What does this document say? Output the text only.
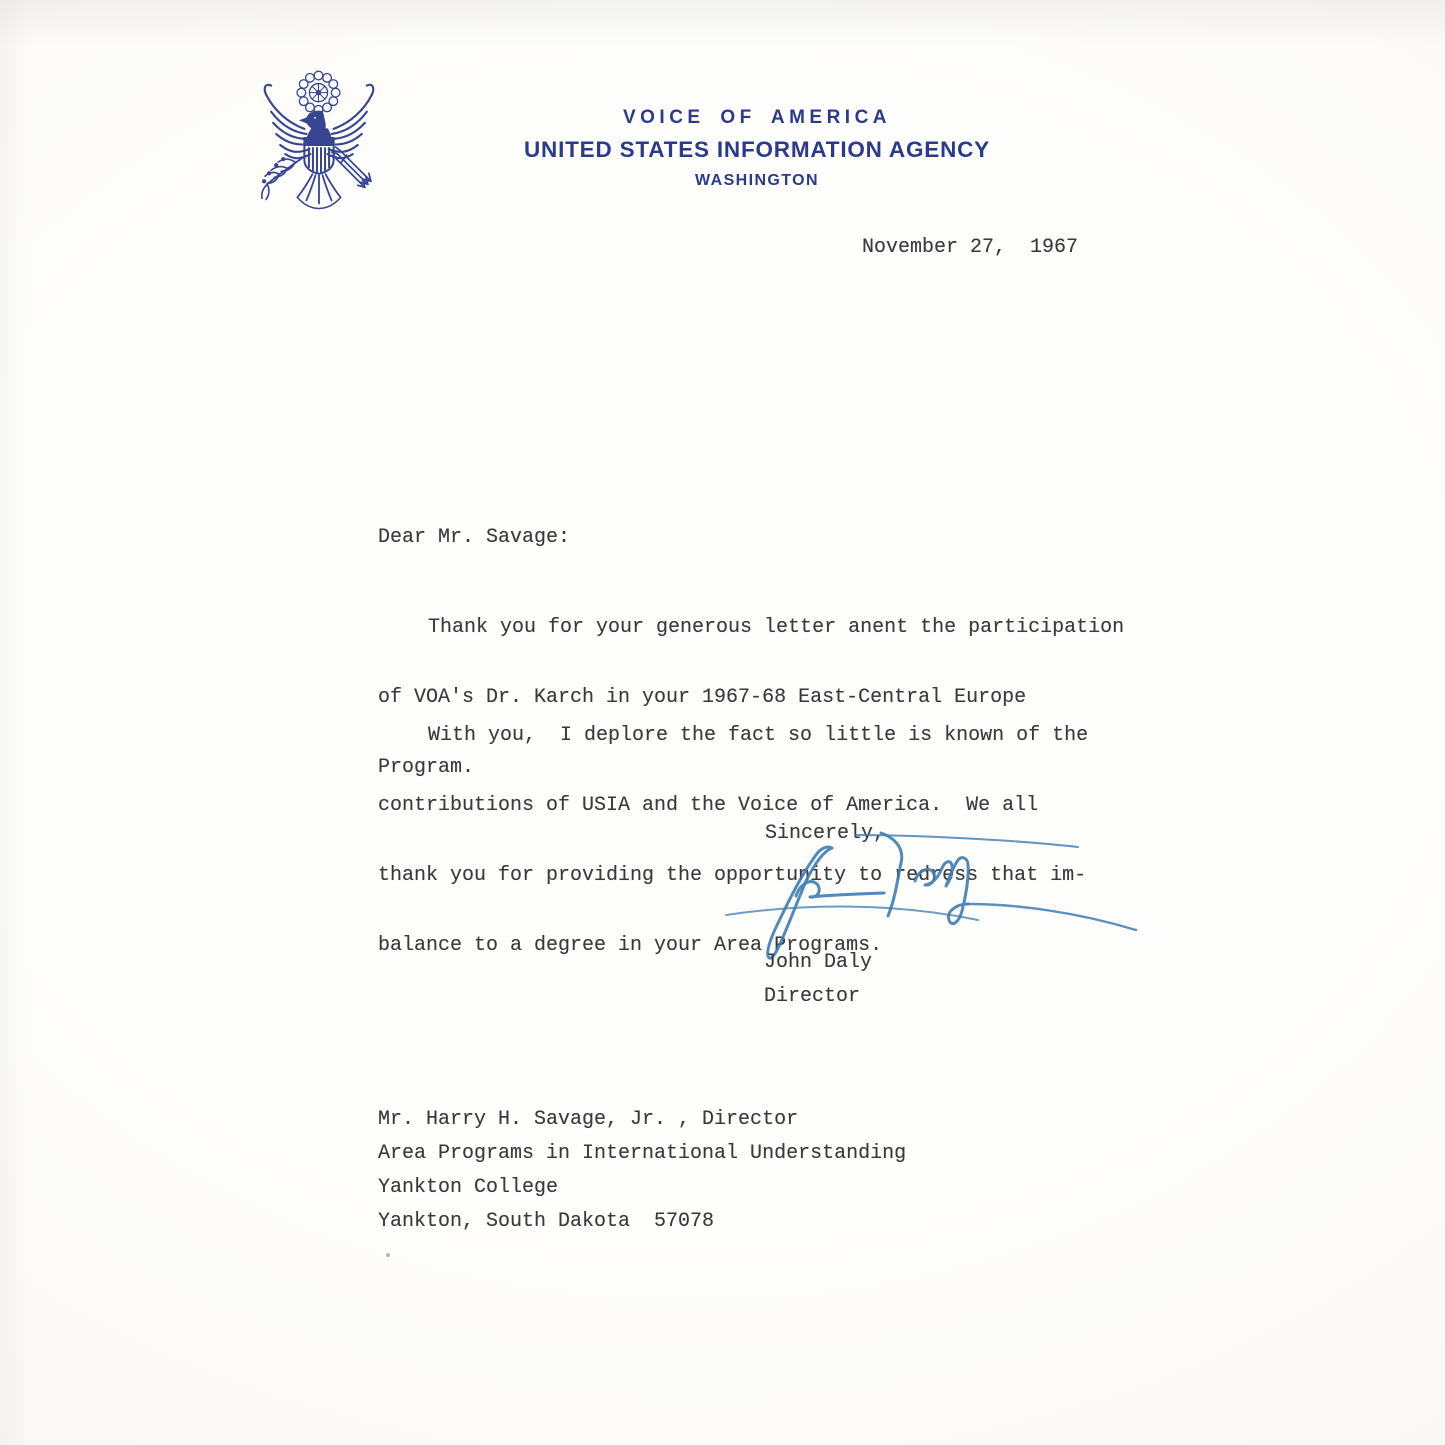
VOICE OF AMERICA
UNITED STATES INFORMATION AGENCY
WASHINGTON
November 27,  1967
Dear Mr. Savage:

Thank you for your generous letter anent the participation

of VOA's Dr. Karch in your 1967-68 East-Central Europe

Program.

With you,  I deplore the fact so little is known of the

contributions of USIA and the Voice of America.  We all

thank you for providing the opportunity to redress that im-

balance to a degree in your Area Programs.

Sincerely,
John Daly
Director
Mr. Harry H. Savage, Jr. , Director
Area Programs in International Understanding
Yankton College
Yankton, South Dakota  57078
